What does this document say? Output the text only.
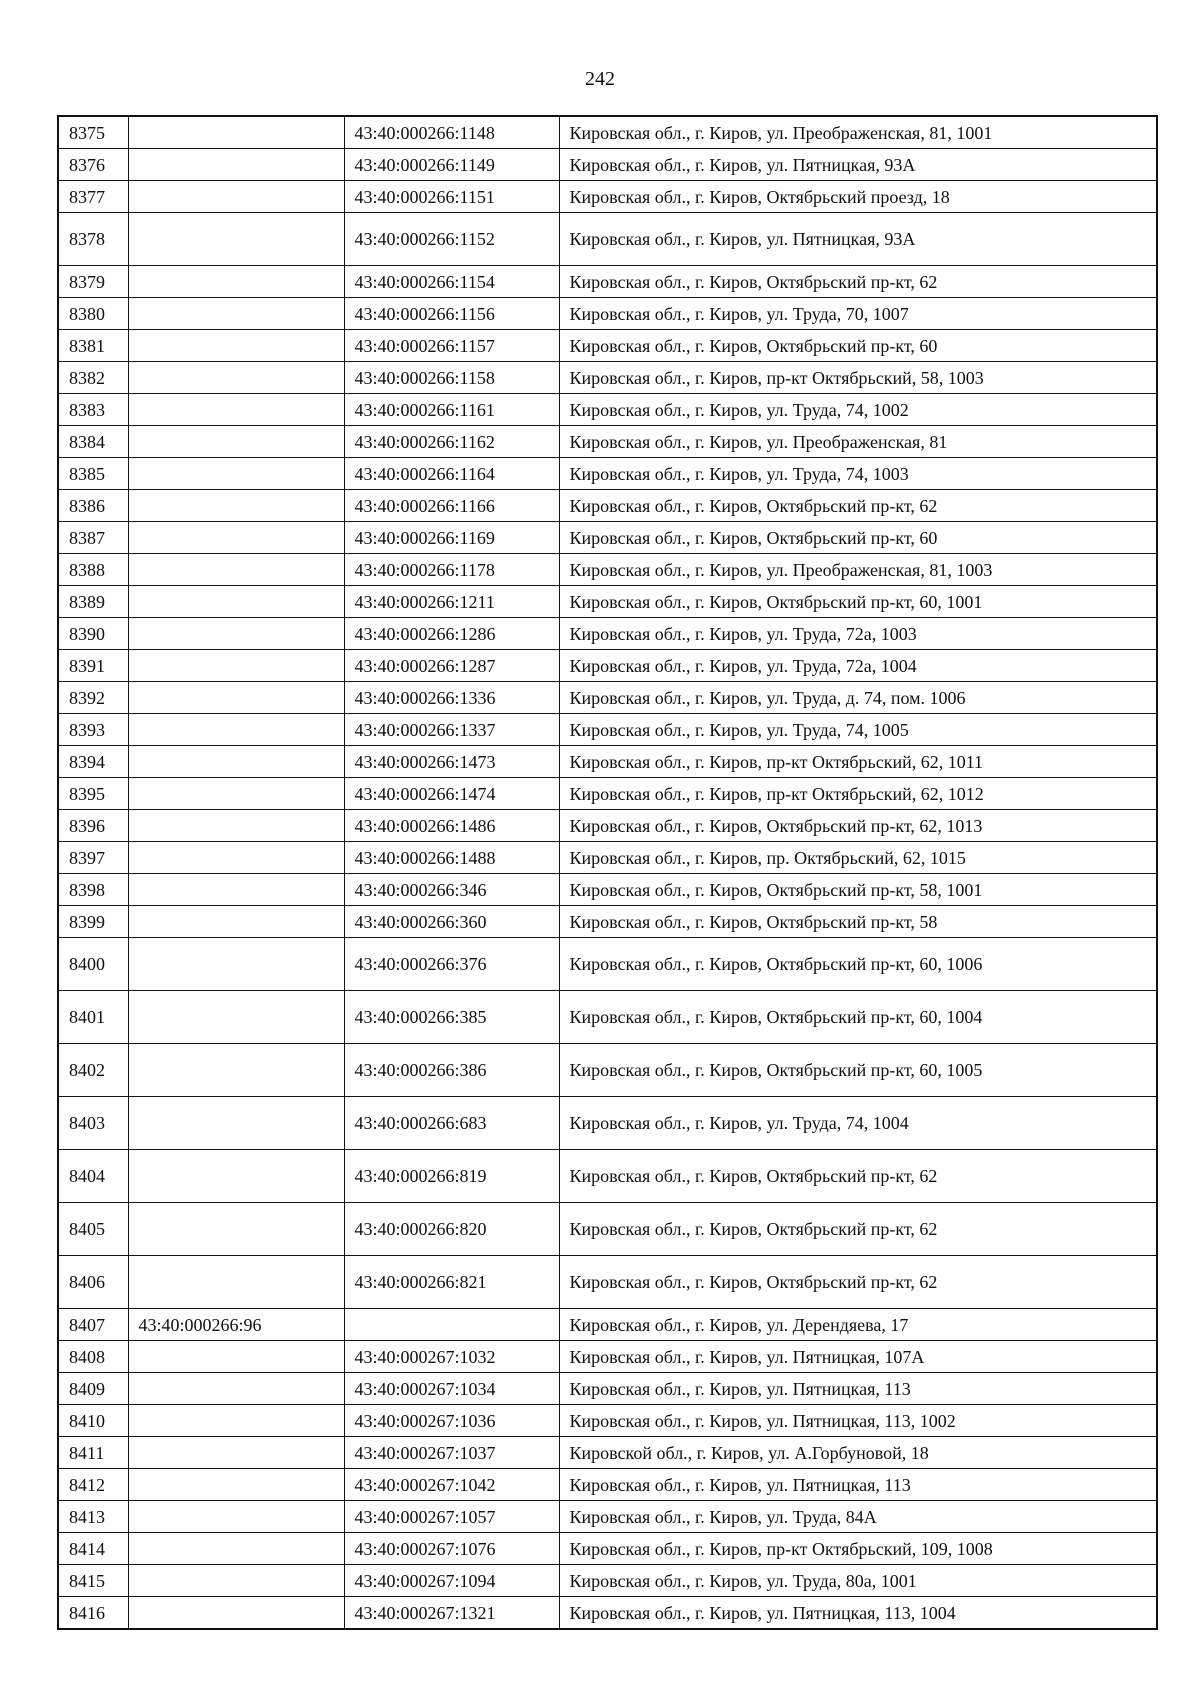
242
8375		43:40:000266:1148	Кировская обл., г. Киров, ул. Преображенская, 81, 1001
8376		43:40:000266:1149	Кировская обл., г. Киров, ул. Пятницкая, 93А
8377		43:40:000266:1151	Кировская обл., г. Киров, Октябрьский проезд, 18
8378		43:40:000266:1152	Кировская обл., г. Киров, ул. Пятницкая, 93А
8379		43:40:000266:1154	Кировская обл., г. Киров, Октябрьский пр-кт, 62
8380		43:40:000266:1156	Кировская обл., г. Киров, ул. Труда, 70, 1007
8381		43:40:000266:1157	Кировская обл., г. Киров, Октябрьский пр-кт, 60
8382		43:40:000266:1158	Кировская обл., г. Киров, пр-кт Октябрьский, 58, 1003
8383		43:40:000266:1161	Кировская обл., г. Киров, ул. Труда, 74, 1002
8384		43:40:000266:1162	Кировская обл., г. Киров, ул. Преображенская, 81
8385		43:40:000266:1164	Кировская обл., г. Киров, ул. Труда, 74, 1003
8386		43:40:000266:1166	Кировская обл., г. Киров, Октябрьский пр-кт, 62
8387		43:40:000266:1169	Кировская обл., г. Киров, Октябрьский пр-кт, 60
8388		43:40:000266:1178	Кировская обл., г. Киров, ул. Преображенская, 81, 1003
8389		43:40:000266:1211	Кировская обл., г. Киров, Октябрьский пр-кт, 60, 1001
8390		43:40:000266:1286	Кировская обл., г. Киров, ул. Труда, 72а, 1003
8391		43:40:000266:1287	Кировская обл., г. Киров, ул. Труда, 72а, 1004
8392		43:40:000266:1336	Кировская обл., г. Киров, ул. Труда, д. 74, пом. 1006
8393		43:40:000266:1337	Кировская обл., г. Киров, ул. Труда, 74, 1005
8394		43:40:000266:1473	Кировская обл., г. Киров, пр-кт Октябрьский, 62, 1011
8395		43:40:000266:1474	Кировская обл., г. Киров, пр-кт Октябрьский, 62, 1012
8396		43:40:000266:1486	Кировская обл., г. Киров, Октябрьский пр-кт, 62, 1013
8397		43:40:000266:1488	Кировская обл., г. Киров, пр. Октябрьский, 62, 1015
8398		43:40:000266:346	Кировская обл., г. Киров, Октябрьский пр-кт, 58, 1001
8399		43:40:000266:360	Кировская обл., г. Киров, Октябрьский пр-кт, 58
8400		43:40:000266:376	Кировская обл., г. Киров, Октябрьский пр-кт, 60, 1006
8401		43:40:000266:385	Кировская обл., г. Киров, Октябрьский пр-кт, 60, 1004
8402		43:40:000266:386	Кировская обл., г. Киров, Октябрьский пр-кт, 60, 1005
8403		43:40:000266:683	Кировская обл., г. Киров, ул. Труда, 74, 1004
8404		43:40:000266:819	Кировская обл., г. Киров, Октябрьский пр-кт, 62
8405		43:40:000266:820	Кировская обл., г. Киров, Октябрьский пр-кт, 62
8406		43:40:000266:821	Кировская обл., г. Киров, Октябрьский пр-кт, 62
8407	43:40:000266:96		Кировская обл., г. Киров, ул. Дерендяева, 17
8408		43:40:000267:1032	Кировская обл., г. Киров, ул. Пятницкая, 107А
8409		43:40:000267:1034	Кировская обл., г. Киров, ул. Пятницкая, 113
8410		43:40:000267:1036	Кировская обл., г. Киров, ул. Пятницкая, 113, 1002
8411		43:40:000267:1037	Кировской обл., г. Киров, ул. А.Горбуновой, 18
8412		43:40:000267:1042	Кировская обл., г. Киров, ул. Пятницкая, 113
8413		43:40:000267:1057	Кировская обл., г. Киров, ул. Труда, 84А
8414		43:40:000267:1076	Кировская обл., г. Киров, пр-кт Октябрьский, 109, 1008
8415		43:40:000267:1094	Кировская обл., г. Киров, ул. Труда, 80а, 1001
8416		43:40:000267:1321	Кировская обл., г. Киров, ул. Пятницкая, 113, 1004
